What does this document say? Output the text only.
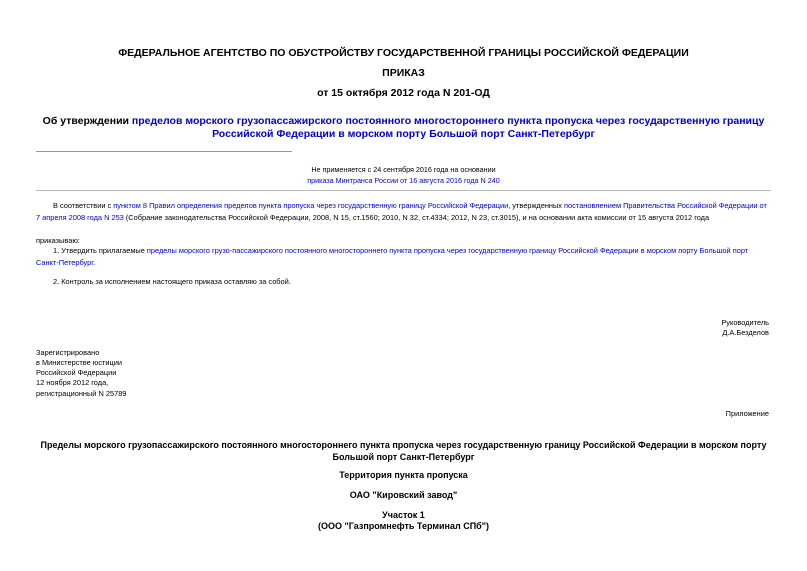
ФЕДЕРАЛЬНОЕ АГЕНТСТВО ПО ОБУСТРОЙСТВУ ГОСУДАРСТВЕННОЙ ГРАНИЦЫ РОССИЙСКОЙ ФЕДЕРАЦИИ
ПРИКАЗ
от 15 октября 2012 года N 201-ОД
Об утверждении пределов морского грузопассажирского постоянного многостороннего пункта пропуска через государственную границу Российской Федерации в морском порту Большой порт Санкт-Петербург
Не применяется с 24 сентября 2016 года на основании
приказа Минтранса России от 16 августа 2016 года N 240
В соответствии с пунктом 8 Правил определения пределов пункта пропуска через государственную границу Российской Федерации, утвержденных постановлением Правительства Российской Федерации от 7 апреля 2008 года N 253 (Собрание законодательства Российской Федерации, 2008, N 15, ст.1560; 2010, N 32, ст.4334; 2012, N 23, ст.3015), и на основании акта комиссии от 15 августа 2012 года
приказываю:
1. Утвердить прилагаемые пределы морского грузо-пассажирского постоянного многостороннего пункта пропуска через государственную границу Российской Федерации в морском порту Большой порт Санкт-Петербург.
2. Контроль за исполнением настоящего приказа оставляю за собой.
Руководитель
Д.А.Безделов
Зарегистрировано
в Министерстве юстиции
Российской Федерации
12 ноября 2012 года,
регистрационный N 25789
Приложение
Пределы морского грузопассажирского постоянного многостороннего пункта пропуска через государственную границу Российской Федерации в морском порту Большой порт Санкт-Петербург
Территория пункта пропуска
ОАО "Кировский завод"
Участок 1
(ООО "Газпромнефть Терминал СПб")
